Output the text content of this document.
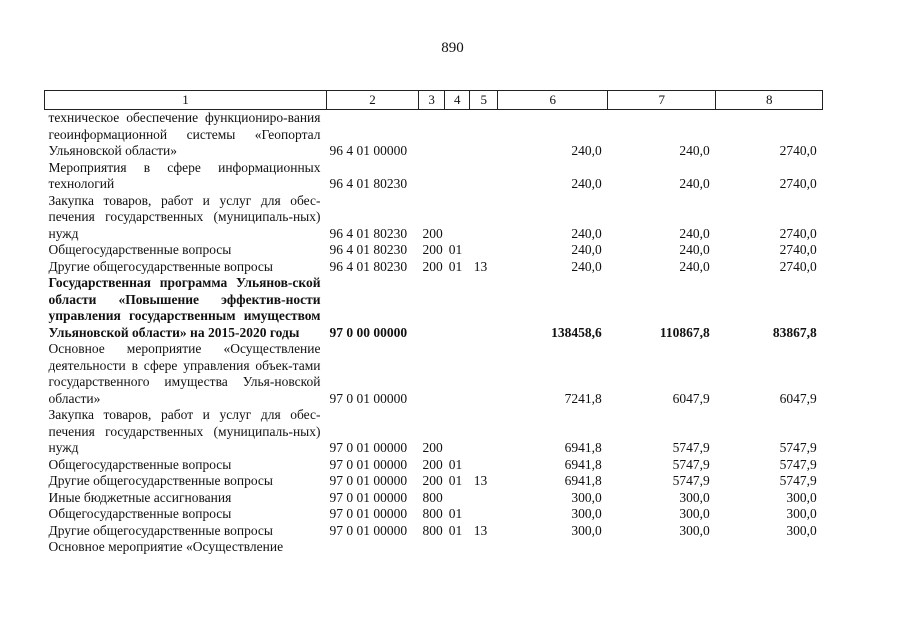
890
1	2	3	4	5	6	7	8
техническое обеспечение функциониро-вания геоинформационной системы «Геопортал Ульяновской области»	96 4 01 00000				240,0	240,0	2740,0
Мероприятия в сфере информационных технологий	96 4 01 80230				240,0	240,0	2740,0
Закупка товаров, работ и услуг для обес-печения государственных (муниципаль-ных) нужд	96 4 01 80230	200			240,0	240,0	2740,0
Общегосударственные вопросы	96 4 01 80230	200	01		240,0	240,0	2740,0
Другие общегосударственные вопросы	96 4 01 80230	200	01	13	240,0	240,0	2740,0
Государственная программа Ульянов-ской области «Повышение эффектив-ности управления государственным имуществом Ульяновской области» на 2015-2020 годы	97 0 00 00000				138458,6	110867,8	83867,8
Основное мероприятие «Осуществление деятельности в сфере управления объек-тами государственного имущества Улья-новской области»	97 0 01 00000				7241,8	6047,9	6047,9
Закупка товаров, работ и услуг для обес-печения государственных (муниципаль-ных) нужд	97 0 01 00000	200			6941,8	5747,9	5747,9
Общегосударственные вопросы	97 0 01 00000	200	01		6941,8	5747,9	5747,9
Другие общегосударственные вопросы	97 0 01 00000	200	01	13	6941,8	5747,9	5747,9
Иные бюджетные ассигнования	97 0 01 00000	800			300,0	300,0	300,0
Общегосударственные вопросы	97 0 01 00000	800	01		300,0	300,0	300,0
Другие общегосударственные вопросы	97 0 01 00000	800	01	13	300,0	300,0	300,0
Основное мероприятие «Осуществление							
